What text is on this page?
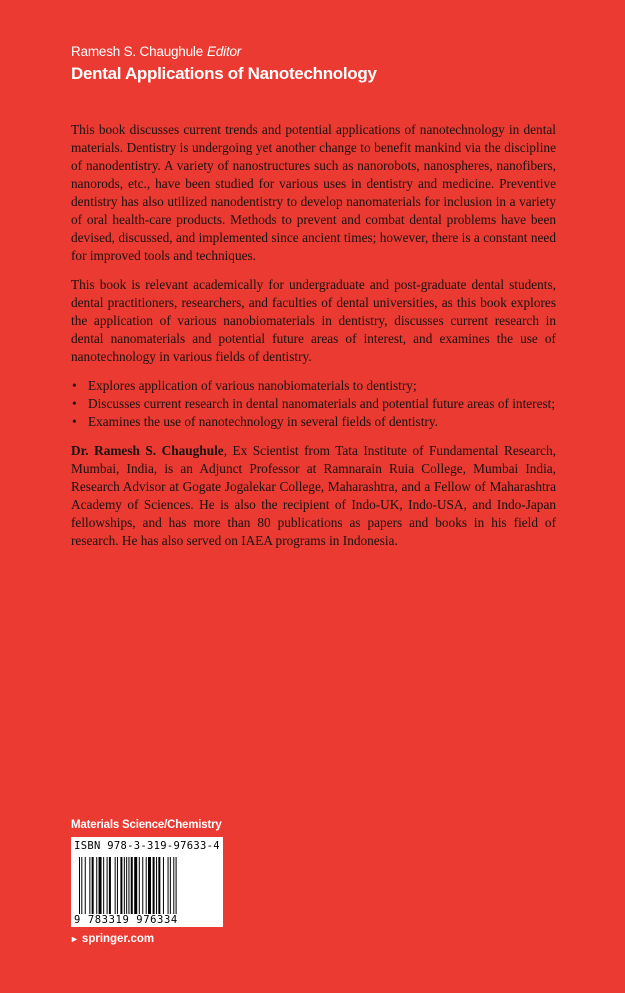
Ramesh S. Chaughule Editor
Dental Applications of Nanotechnology

This book discusses current trends and potential applications of nanotechnology in dental materials. Dentistry is undergoing yet another change to benefit mankind via the discipline of nanodentistry. A variety of nanostructures such as nanorobots, nanospheres, nanofibers, nanorods, etc., have been studied for various uses in dentistry and medicine. Preventive dentistry has also utilized nanodentistry to develop nanomaterials for inclusion in a variety of oral health-care products. Methods to prevent and combat dental problems have been devised, discussed, and implemented since ancient times; however, there is a constant need for improved tools and techniques.

This book is relevant academically for undergraduate and post-graduate dental students, dental practitioners, researchers, and faculties of dental universities, as this book explores the application of various nanobiomaterials in dentistry, discusses current research in dental nanomaterials and potential future areas of interest, and examines the use of nanotechnology in various fields of dentistry.

• Explores application of various nanobiomaterials to dentistry;
• Discusses current research in dental nanomaterials and potential future areas of interest;
• Examines the use of nanotechnology in several fields of dentistry.

Dr. Ramesh S. Chaughule, Ex Scientist from Tata Institute of Fundamental Research, Mumbai, India, is an Adjunct Professor at Ramnarain Ruia College, Mumbai India, Research Advisor at Gogate Jogalekar College, Maharashtra, and a Fellow of Maharashtra Academy of Sciences. He is also the recipient of Indo-UK, Indo-USA, and Indo-Japan fellowships, and has more than 80 publications as papers and books in his field of research. He has also served on IAEA programs in Indonesia.

Materials Science/Chemistry
ISBN 978-3-319-97633-4
9 783319 976334
► springer.com
